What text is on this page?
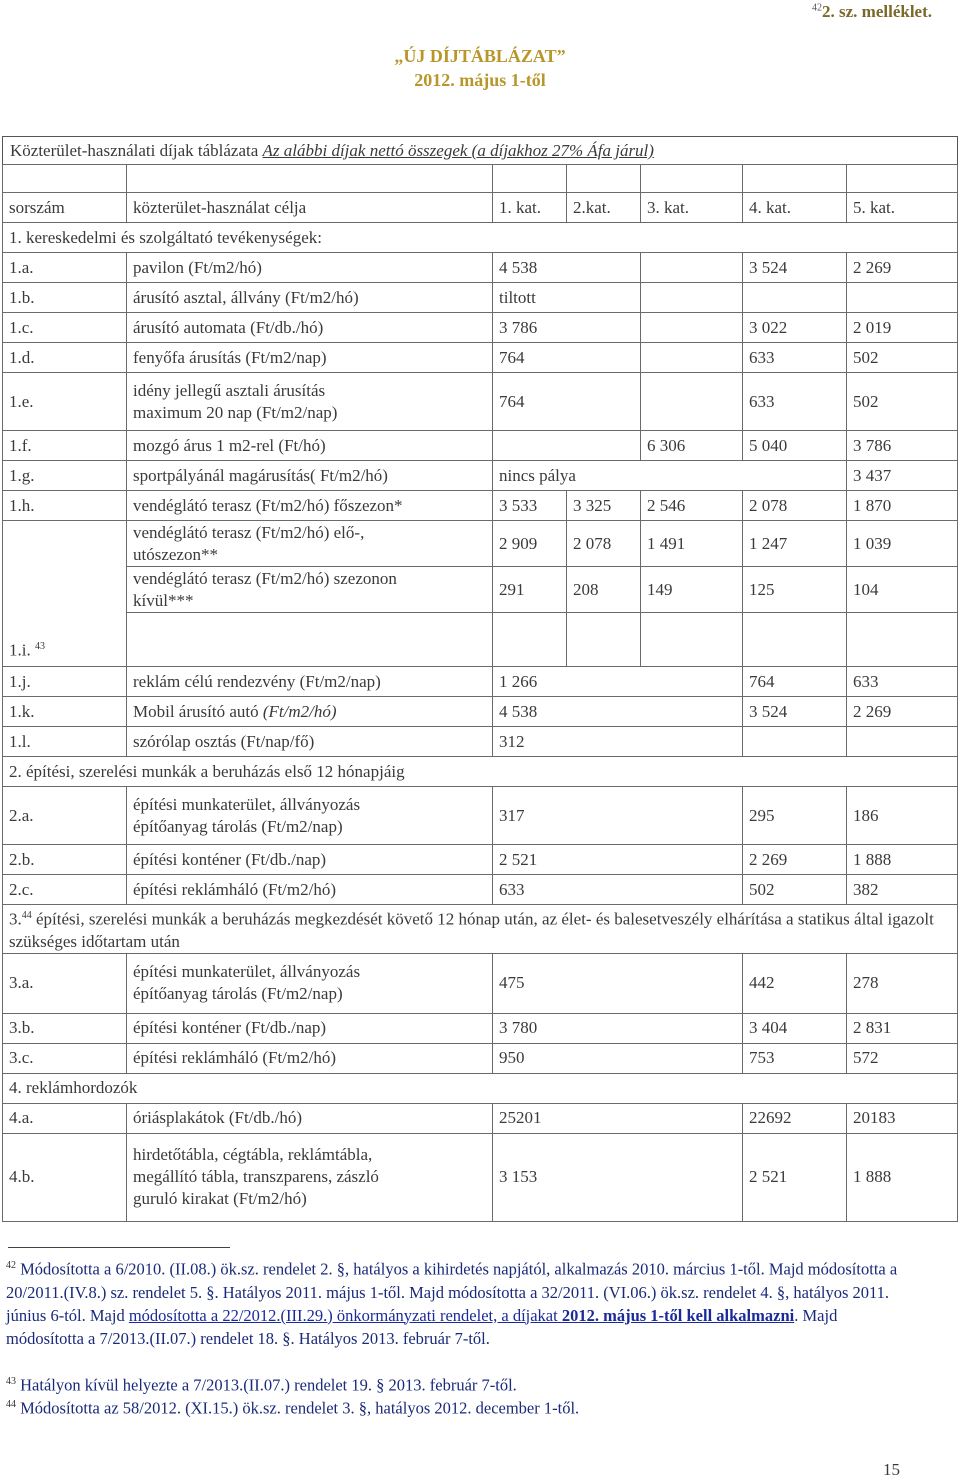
$^{42}$2. sz. melléklet.
„ÚJ DÍJTÁBLÁZAT”
2012. május 1-től
Közterület-használati díjak táblázata Az alábbi díjak nettó összegek (a díjakhoz 27% Áfa járul)

sorszám	közterület-használat célja	1. kat.	2.kat.	3. kat.	4. kat.	5. kat.
1. kereskedelmi és szolgáltató tevékenységek:						
1.a.	pavilon (Ft/m2/hó)	4 538			3 524	2 269
1.b.	árusító asztal, állvány (Ft/m2/hó)	tiltott				
1.c.	árusító automata (Ft/db./hó)	3 786			3 022	2 019
1.d.	fenyőfa árusítás (Ft/m2/nap)	764			633	502
1.e.	idény jellegű asztali árusítás
maximum 20 nap (Ft/m2/nap)	764			633	502
1.f.	mozgó árus 1 m2-rel (Ft/hó)			6 306	5 040	3 786
1.g.	sportpályánál magárusítás( Ft/m2/hó)	nincs pálya				3 437
1.h.	vendéglátó terasz (Ft/m2/hó) főszezon*	3 533	3 325	2 546	2 078	1 870
1.i. $^{43}$	vendéglátó terasz (Ft/m2/hó) elő-,
utószezon**	2 909	2 078	1 491	1 247	1 039

	vendéglátó terasz (Ft/m2/hó) szezonon
kívül***	291	208	149	125	104

1.j.	reklám célú rendezvény (Ft/m2/nap)	1 266			764	633
1.k.	Mobil árusító autó (Ft/m2/hó)	4 538			3 524	2 269
1.l.	szórólap osztás (Ft/nap/fő)	312				
2. építési, szerelési munkák a beruházás első 12 hónapjáig						
2.a.	építési munkaterület, állványozás
építőanyag tárolás (Ft/m2/nap)	317			295	186
2.b.	építési konténer (Ft/db./nap)	2 521			2 269	1 888
2.c.	építési reklámháló (Ft/m2/hó)	633			502	382
3.44 építési, szerelési munkák a beruházás megkezdését követő 12 hónap után, az élet- és balesetveszély elhárítása a statikus által igazolt szükséges időtartam után						
3.a.	építési munkaterület, állványozás
építőanyag tárolás (Ft/m2/nap)	475			442	278
3.b.	építési konténer (Ft/db./nap)	3 780			3 404	2 831
3.c.	építési reklámháló (Ft/m2/hó)	950			753	572
4. reklámhordozók						
4.a.	óriásplakátok (Ft/db./hó)	25201			22692	20183
4.b.	hirdetőtábla, cégtábla, reklámtábla,
megállító tábla, transzparens, zászló
guruló kirakat (Ft/m2/hó)	3 153			2 521	1 888
$^{42}$ Módosította a 6/2010. (II.08.) ök.sz. rendelet 2. §, hatályos a kihirdetés napjától, alkalmazás 2010. március 1-től. Majd módosította a 20/2011.(IV.8.) sz. rendelet 5. §. Hatályos 2011. május 1-től. Majd módosította a 32/2011. (VI.06.) ök.sz. rendelet 4. §, hatályos 2011. június 6-tól. Majd módosította a 22/2012.(III.29.) önkormányzati rendelet, a díjakat 2012. május 1-től kell alkalmazni. Majd módosította a 7/2013.(II.07.) rendelet 18. §. Hatályos 2013. február 7-től.
$^{43}$ Hatályon kívül helyezte a 7/2013.(II.07.) rendelet 19. § 2013. február 7-től.
$^{44}$ Módosította az 58/2012. (XI.15.) ök.sz. rendelet 3. §, hatályos 2012. december 1-től.
15
